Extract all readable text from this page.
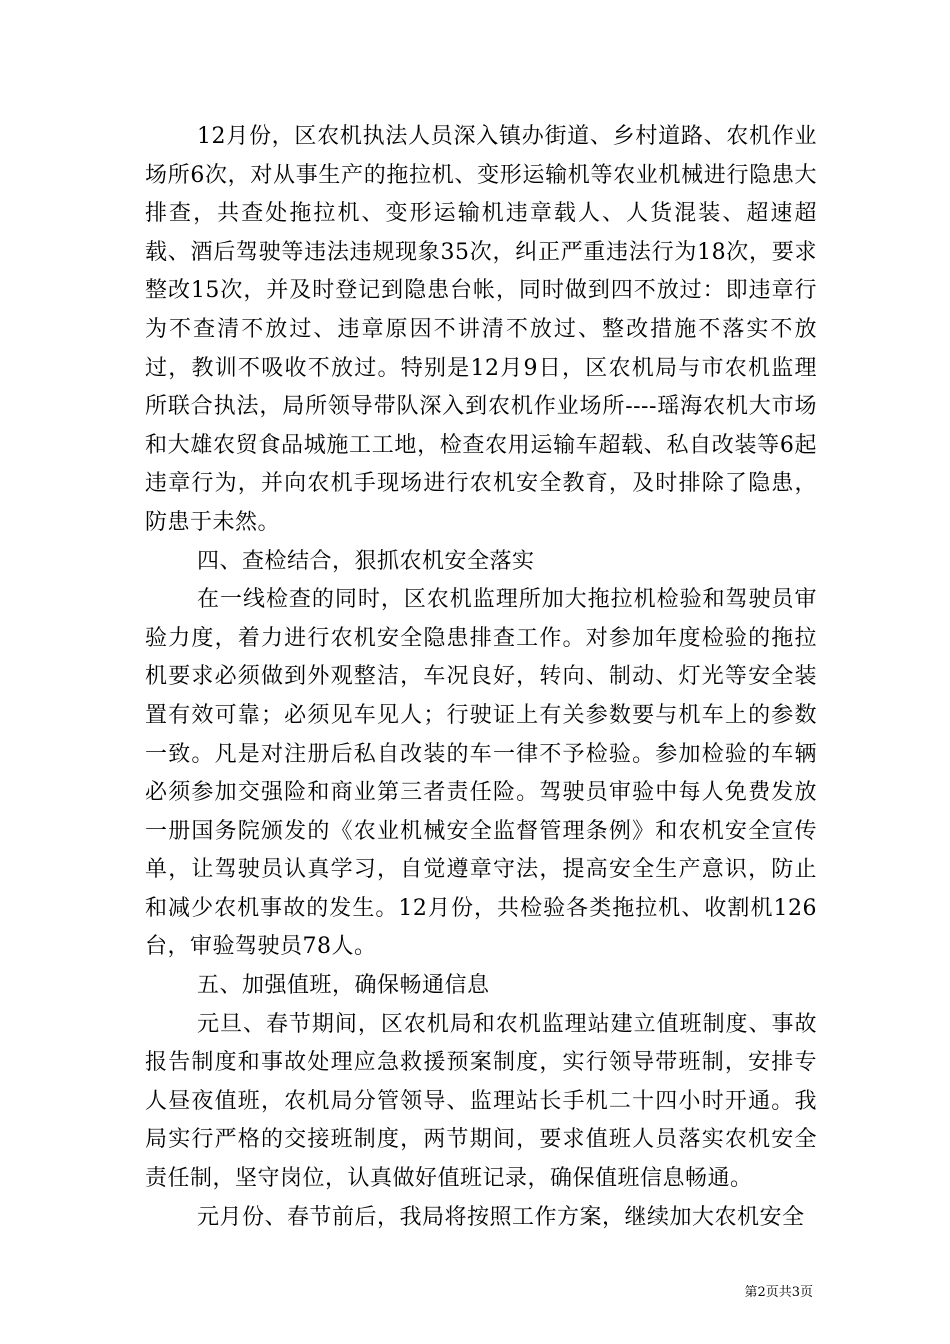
12月份，区农机执法人员深入镇办街道、乡村道路、农机作业场所6次，对从事生产的拖拉机、变形运输机等农业机械进行隐患大排查，共查处拖拉机、变形运输机违章载人、人货混装、超速超载、酒后驾驶等违法违规现象35次，纠正严重违法行为18次，要求整改15次，并及时登记到隐患台帐，同时做到四不放过：即违章行为不查清不放过、违章原因不讲清不放过、整改措施不落实不放过，教训不吸收不放过。特别是12月9日，区农机局与市农机监理所联合执法，局所领导带队深入到农机作业场所----瑶海农机大市场和大雄农贸食品城施工工地，检查农用运输车超载、私自改装等6起违章行为，并向农机手现场进行农机安全教育，及时排除了隐患，防患于未然。

四、查检结合，狠抓农机安全落实

在一线检查的同时，区农机监理所加大拖拉机检验和驾驶员审验力度，着力进行农机安全隐患排查工作。对参加年度检验的拖拉机要求必须做到外观整洁，车况良好，转向、制动、灯光等安全装置有效可靠；必须见车见人；行驶证上有关参数要与机车上的参数一致。凡是对注册后私自改装的车一律不予检验。参加检验的车辆必须参加交强险和商业第三者责任险。驾驶员审验中每人免费发放一册国务院颁发的《农业机械安全监督管理条例》和农机安全宣传单，让驾驶员认真学习，自觉遵章守法，提高安全生产意识，防止和减少农机事故的发生。12月份，共检验各类拖拉机、收割机126台，审验驾驶员78人。

五、加强值班，确保畅通信息

元旦、春节期间，区农机局和农机监理站建立值班制度、事故报告制度和事故处理应急救援预案制度，实行领导带班制，安排专人昼夜值班，农机局分管领导、监理站长手机二十四小时开通。我局实行严格的交接班制度，两节期间，要求值班人员落实农机安全责任制，坚守岗位，认真做好值班记录，确保值班信息畅通。

元月份、春节前后，我局将按照工作方案，继续加大农机安全

第2页共3页
